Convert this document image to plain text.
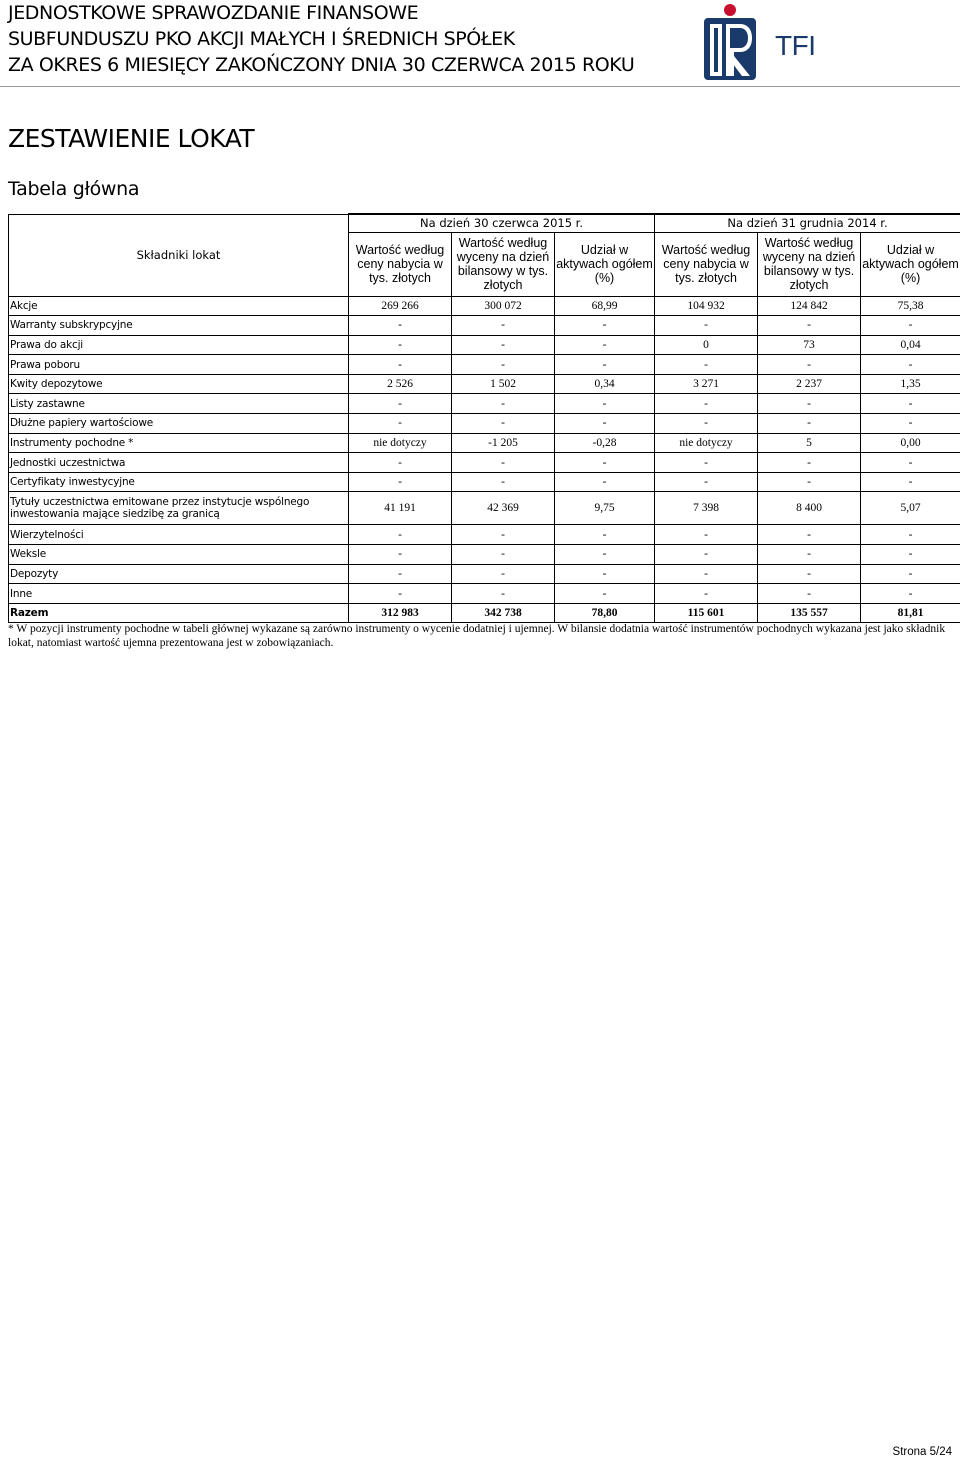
JEDNOSTKOWE SPRAWOZDANIE FINANSOWE
SUBFUNDUSZU PKO AKCJI MAŁYCH I ŚREDNICH SPÓŁEK
ZA OKRES 6 MIESIĘCY ZAKOŃCZONY DNIA 30 CZERWCA 2015 ROKU
TFI
ZESTAWIENIE LOKAT
Tabela główna
Składniki lokat	Na dzień 30 czerwca 2015 r.			Na dzień 31 grudnia 2014 r.		
	Wartość według ceny nabycia w tys. złotych	Wartość według wyceny na dzień bilansowy w tys. złotych	Udział w aktywach ogółem (%)	Wartość według ceny nabycia w tys. złotych	Wartość według wyceny na dzień bilansowy w tys. złotych	Udział w aktywach ogółem (%)
Akcje	269 266	300 072	68,99	104 932	124 842	75,38
Warranty subskrypcyjne	-	-	-	-	-	-
Prawa do akcji	-	-	-	0	73	0,04
Prawa poboru	-	-	-	-	-	-
Kwity depozytowe	2 526	1 502	0,34	3 271	2 237	1,35
Listy zastawne	-	-	-	-	-	-
Dłużne papiery wartościowe	-	-	-	-	-	-
Instrumenty pochodne *	nie dotyczy	-1 205	-0,28	nie dotyczy	5	0,00
Jednostki uczestnictwa	-	-	-	-	-	-
Certyfikaty inwestycyjne	-	-	-	-	-	-
Tytuły uczestnictwa emitowane przez instytucje wspólnego inwestowania mające siedzibę za granicą	41 191	42 369	9,75	7 398	8 400	5,07
Wierzytelności	-	-	-	-	-	-
Weksle	-	-	-	-	-	-
Depozyty	-	-	-	-	-	-
Inne	-	-	-	-	-	-
Razem	312 983	342 738	78,80	115 601	135 557	81,81
* W pozycji instrumenty pochodne w tabeli głównej wykazane są zarówno instrumenty o wycenie dodatniej i ujemnej. W bilansie dodatnia wartość instrumentów pochodnych wykazana jest jako składnik lokat, natomiast wartość ujemna prezentowana jest w zobowiązaniach.
Strona 5/24
